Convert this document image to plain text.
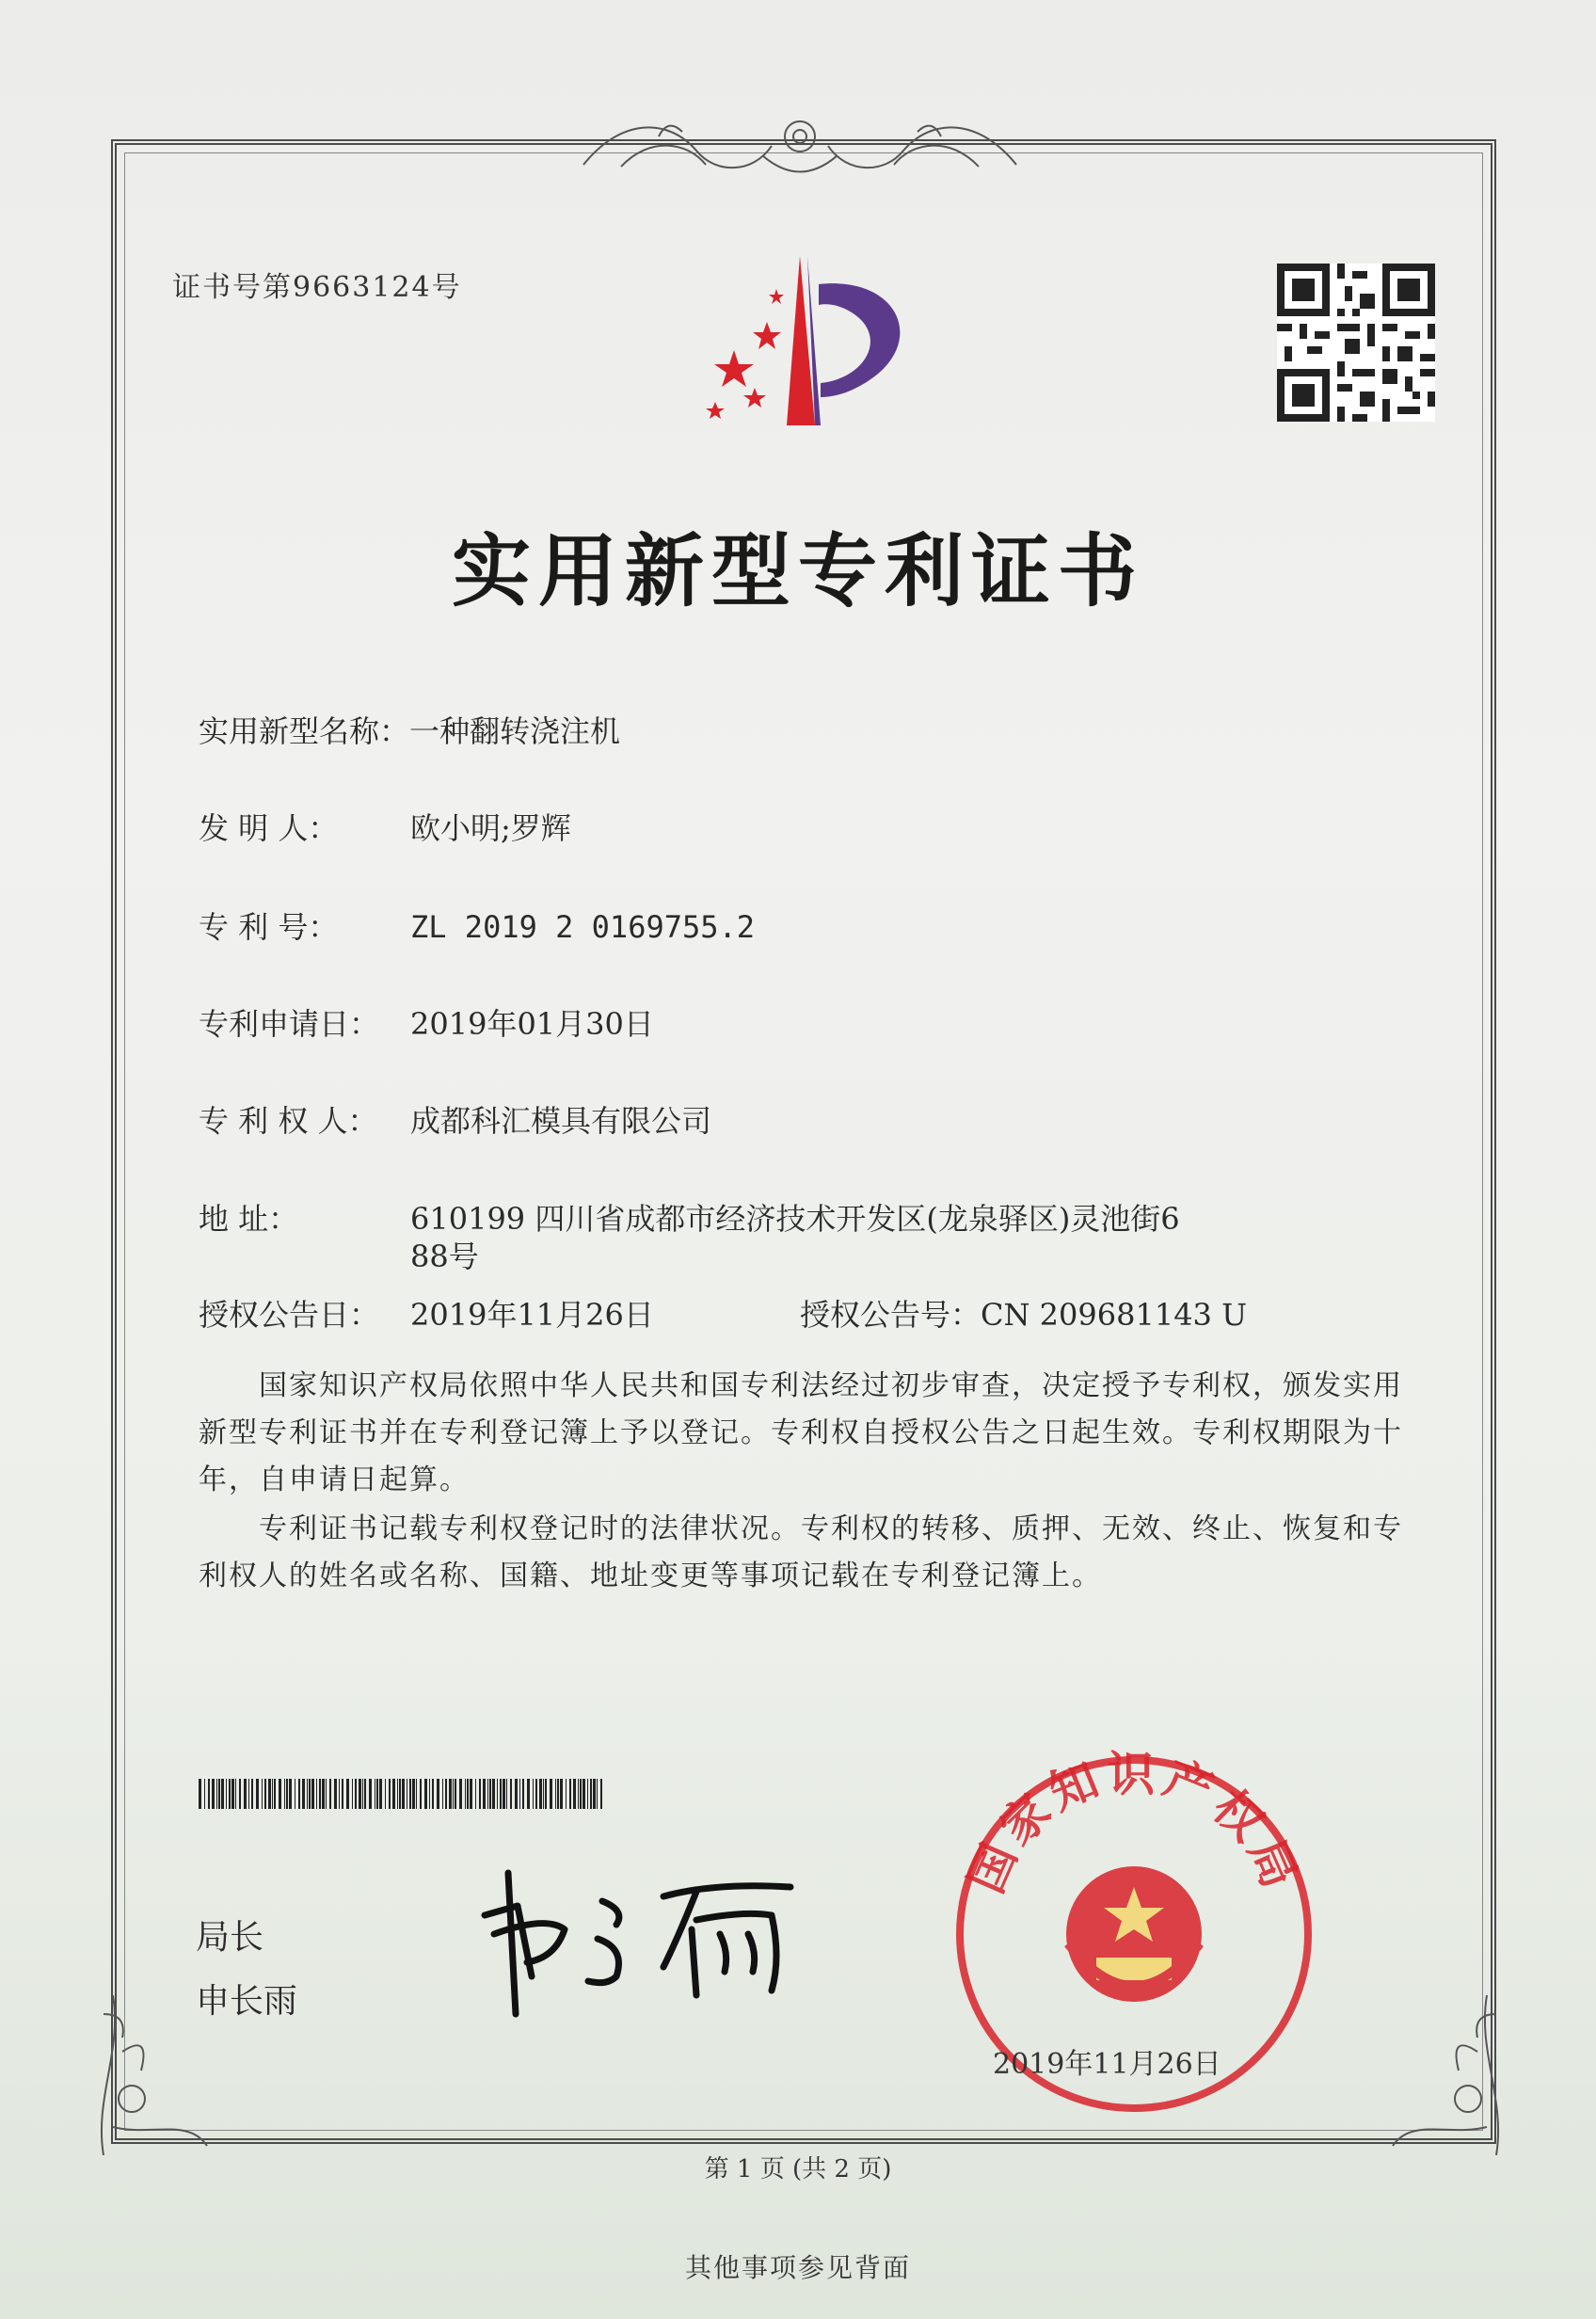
证书号第9663124号
实用新型专利证书
实用新型名称：一种翻转浇注机
发 明 人： 欧小明;罗辉
专 利 号： ZL 2019 2 0169755.2
专利申请日： 2019年01月30日
专 利 权 人： 成都科汇模具有限公司
地 址：	610199 四川省成都市经济技术开发区(龙泉驿区)灵池街6
88号
授权公告日： 2019年11月26日	授权公告号：CN 209681143 U
国家知识产权局依照中华人民共和国专利法经过初步审查，决定授予专利权，颁发实用新型专利证书并在专利登记簿上予以登记。专利权自授权公告之日起生效。专利权期限为十年，自申请日起算。
专利证书记载专利权登记时的法律状况。专利权的转移、质押、无效、终止、恢复和专利权人的姓名或名称、国籍、地址变更等事项记载在专利登记簿上。
局长
申长雨
国家知识产权局
2019年11月26日
第 1 页 (共 2 页)
其他事项参见背面
